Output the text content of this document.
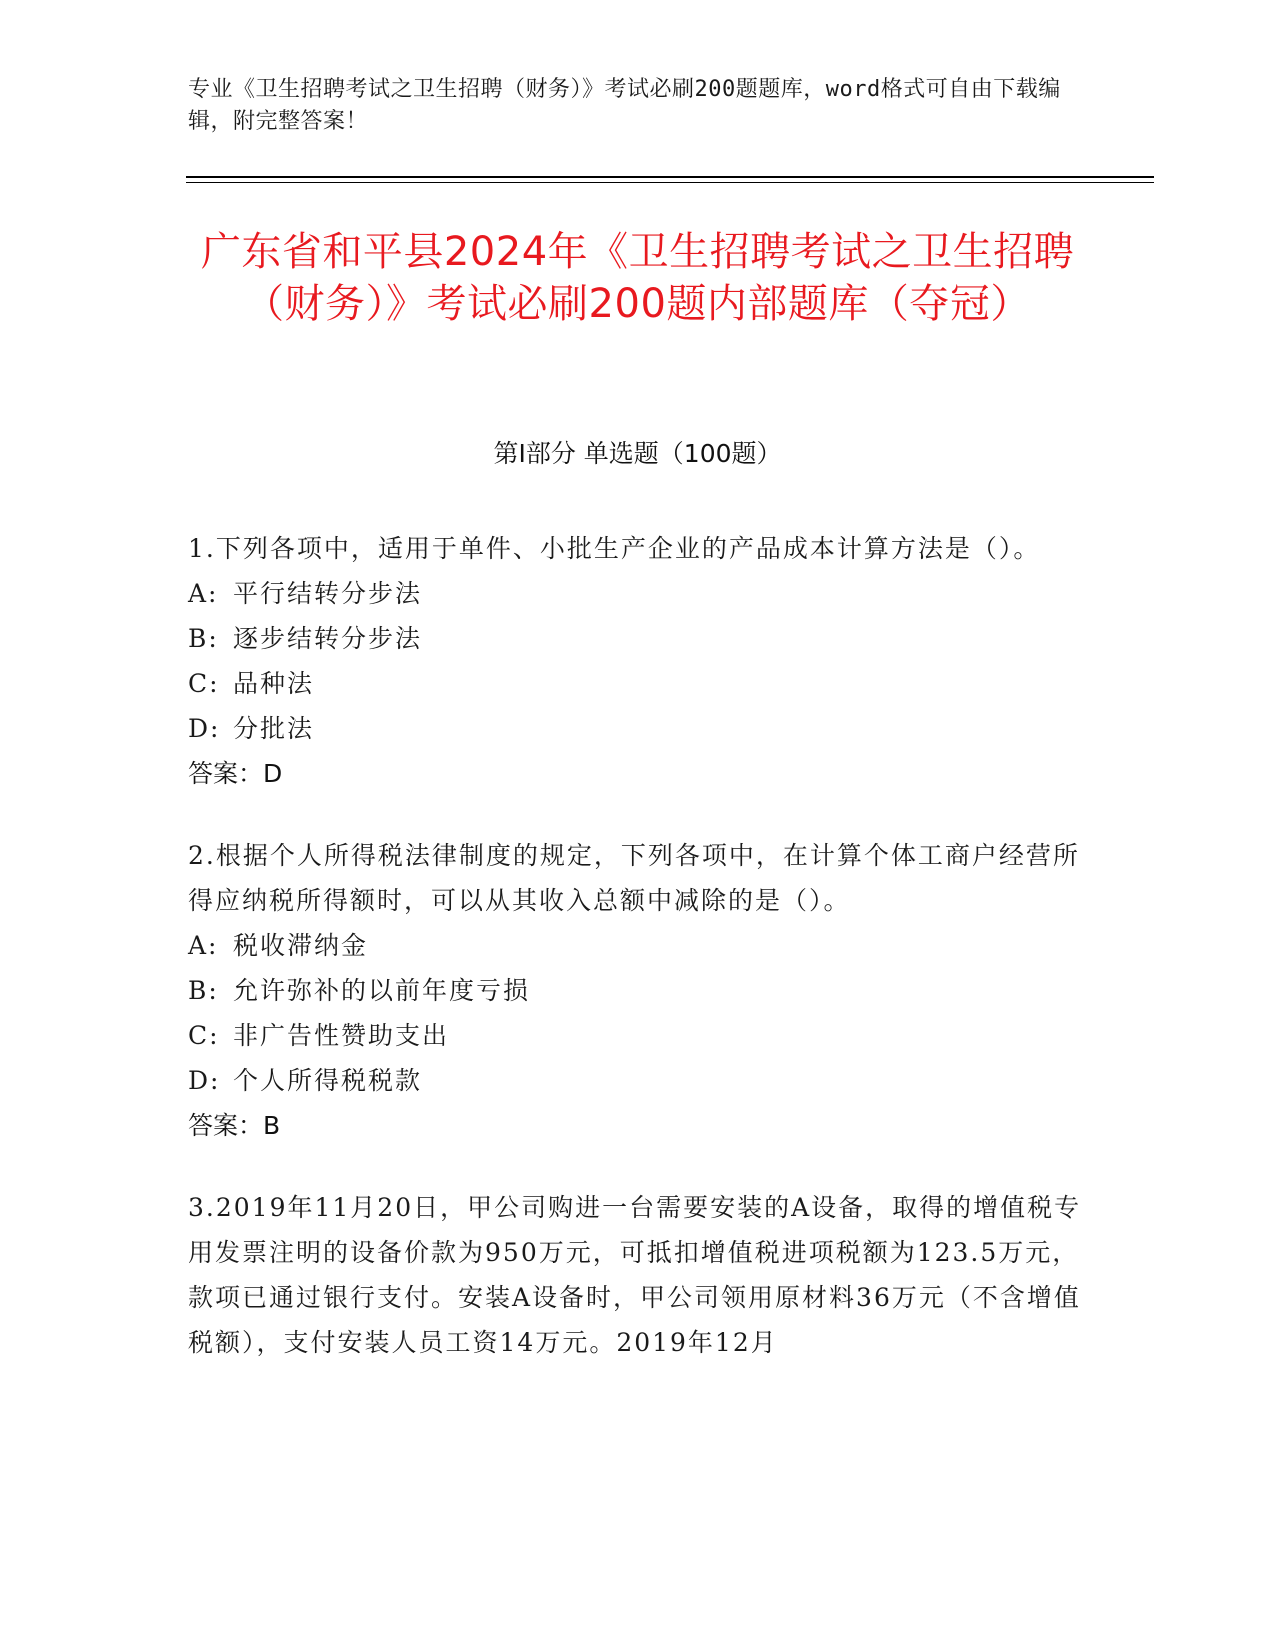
专业《卫生招聘考试之卫生招聘（财务）》考试必刷200题题库，word格式可自由下载编辑，附完整答案！
广东省和平县2024年《卫生招聘考试之卫生招聘（财务）》考试必刷200题内部题库（夺冠）
第I部分 单选题（100题）

1.下列各项中，适用于单件、小批生产企业的产品成本计算方法是（）。

A: 平行结转分步法

B: 逐步结转分步法

C: 品种法

D: 分批法

答案：D

2.根据个人所得税法律制度的规定，下列各项中，在计算个体工商户经营所得应纳税所得额时，可以从其收入总额中减除的是（）。

A: 税收滞纳金

B: 允许弥补的以前年度亏损

C: 非广告性赞助支出

D: 个人所得税税款

答案：B

3.2019年11月20日，甲公司购进一台需要安装的A设备，取得的增值税专用发票注明的设备价款为950万元，可抵扣增值税进项税额为123.5万元，款项已通过银行支付。安装A设备时，甲公司领用原材料36万元（不含增值税额），支付安装人员工资14万元。2019年12月
